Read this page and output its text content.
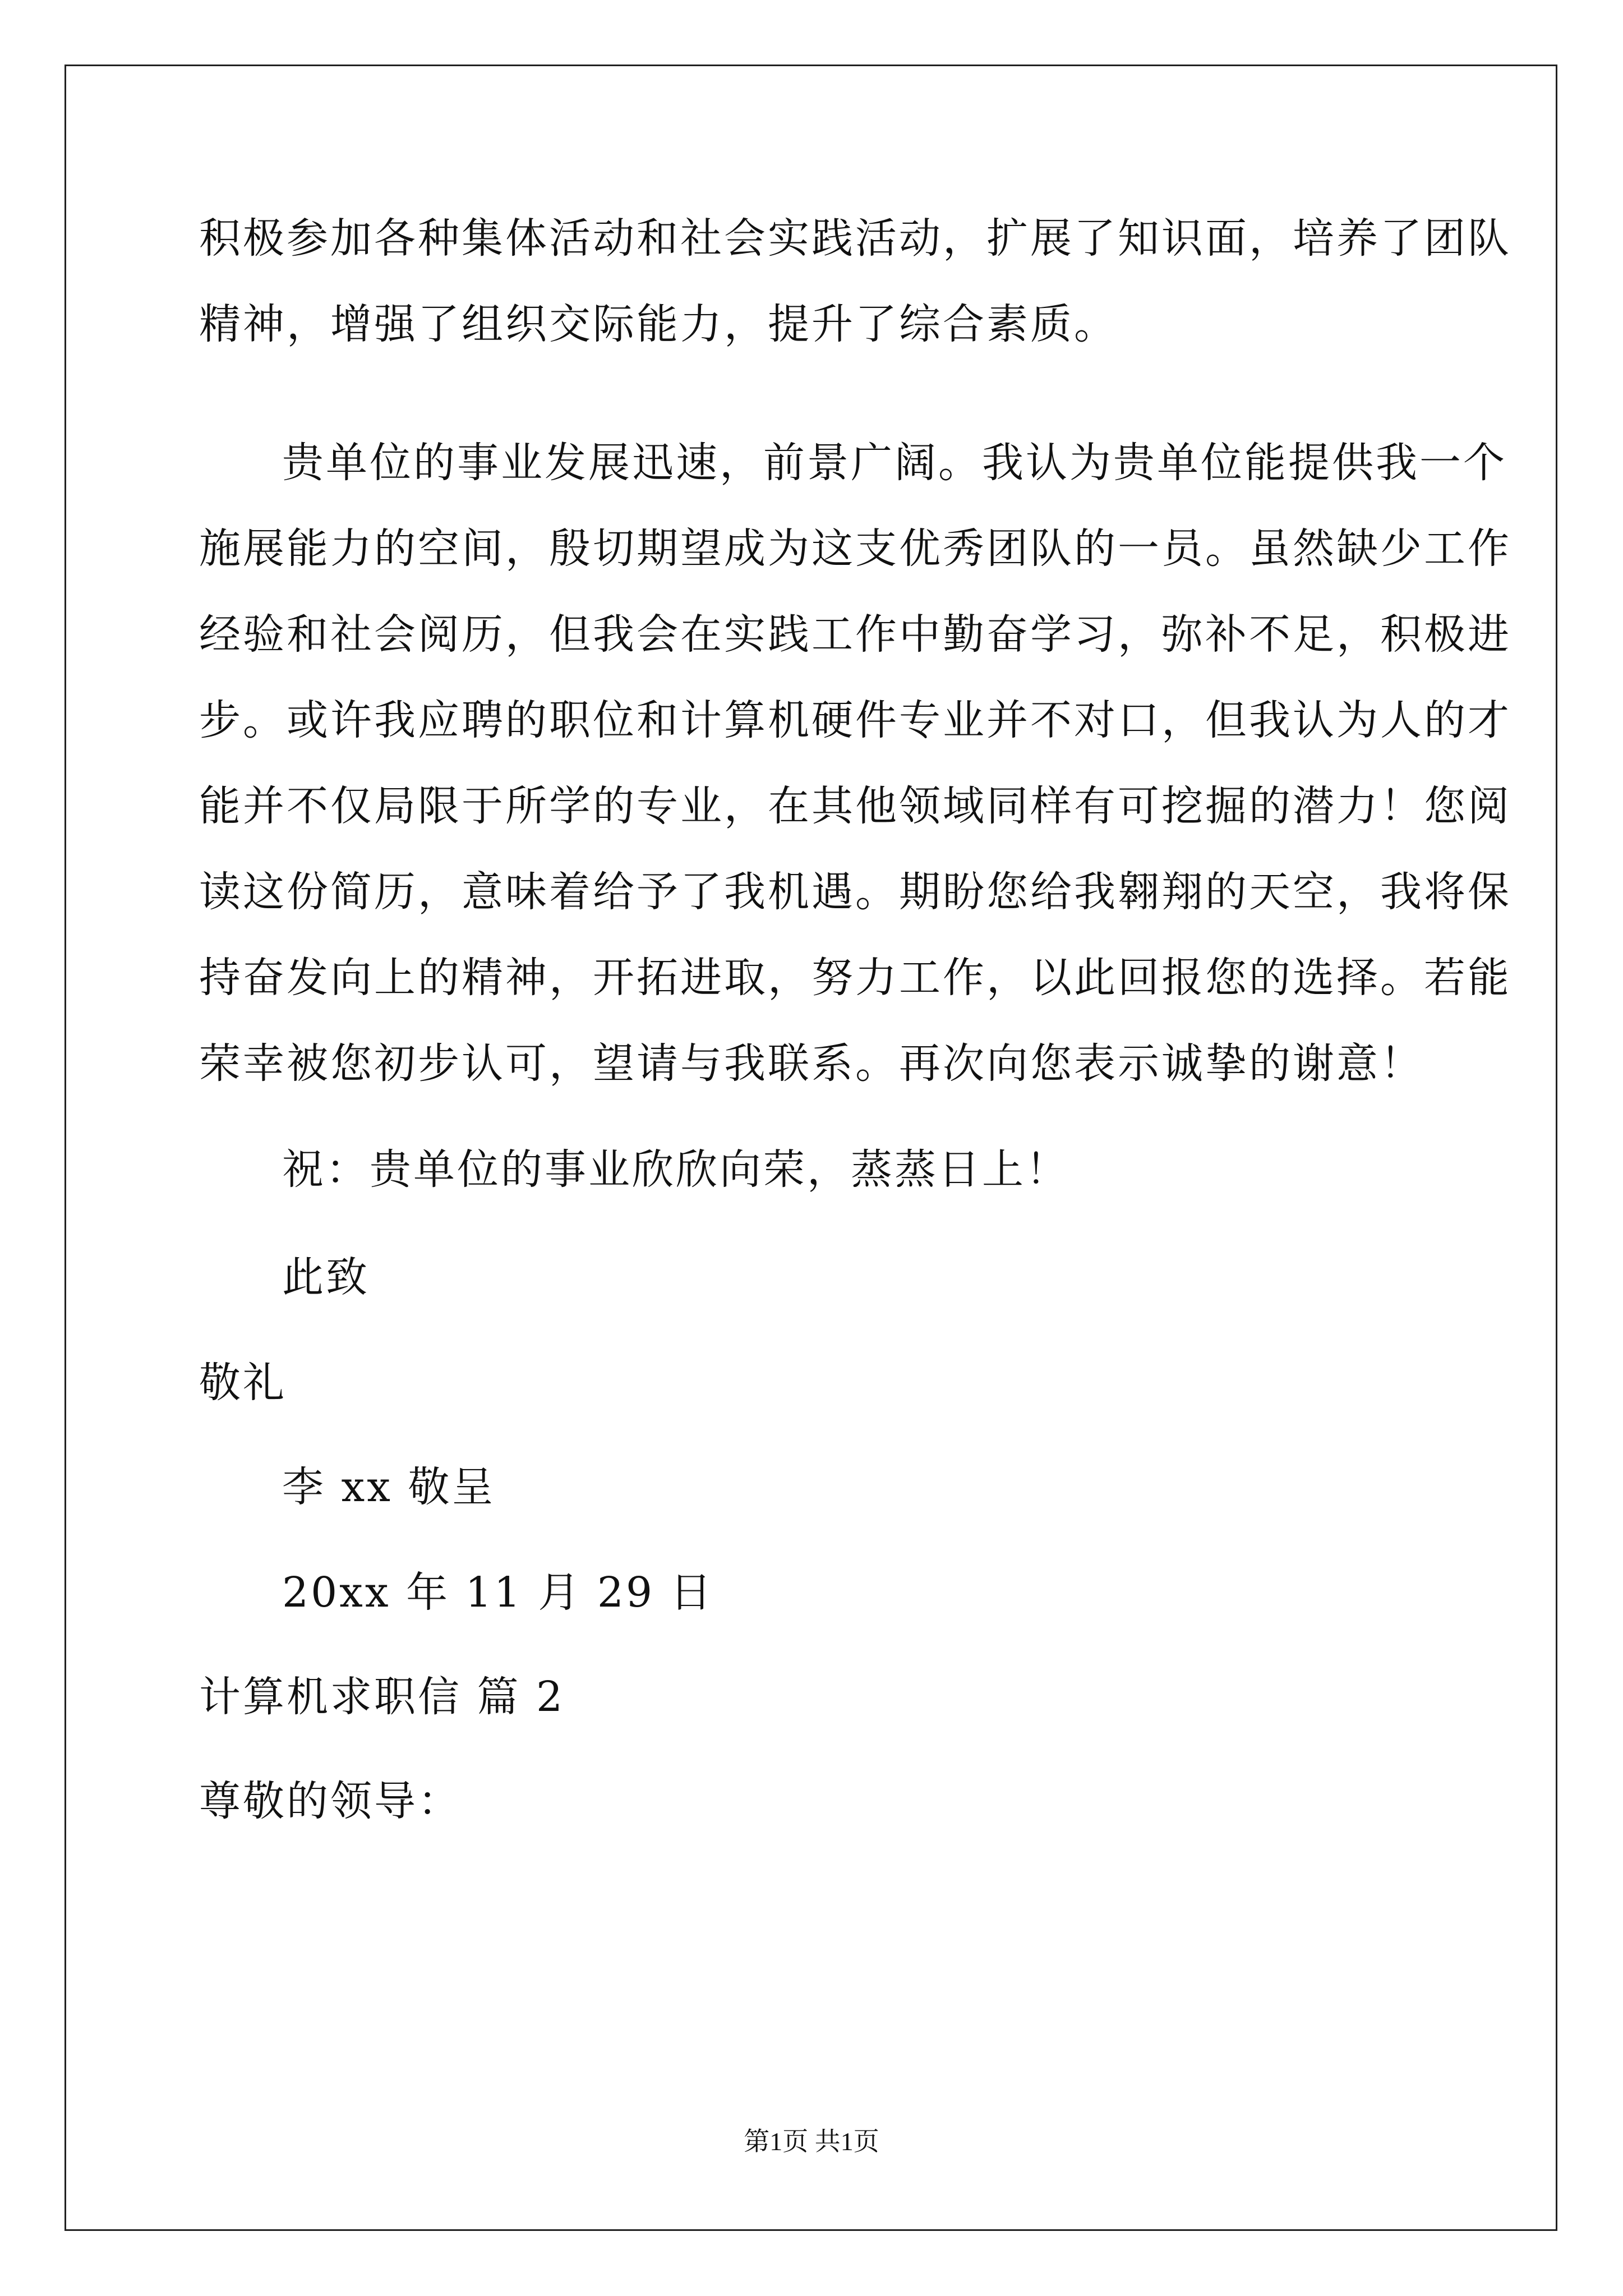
积极参加各种集体活动和社会实践活动，扩展了知识面，培养了团队
精神，增强了组织交际能力，提升了综合素质。
贵单位的事业发展迅速，前景广阔。我认为贵单位能提供我一个
施展能力的空间，殷切期望成为这支优秀团队的一员。虽然缺少工作
经验和社会阅历，但我会在实践工作中勤奋学习，弥补不足，积极进
步。或许我应聘的职位和计算机硬件专业并不对口，但我认为人的才
能并不仅局限于所学的专业，在其他领域同样有可挖掘的潜力！您阅
读这份简历，意味着给予了我机遇。期盼您给我翱翔的天空，我将保
持奋发向上的精神，开拓进取，努力工作，以此回报您的选择。若能
荣幸被您初步认可，望请与我联系。再次向您表示诚挚的谢意！
祝：贵单位的事业欣欣向荣，蒸蒸日上！
此致
敬礼
李 xx 敬呈
20xx 年 11 月 29 日
计算机求职信 篇 2
尊敬的领导：
第1页 共1页
